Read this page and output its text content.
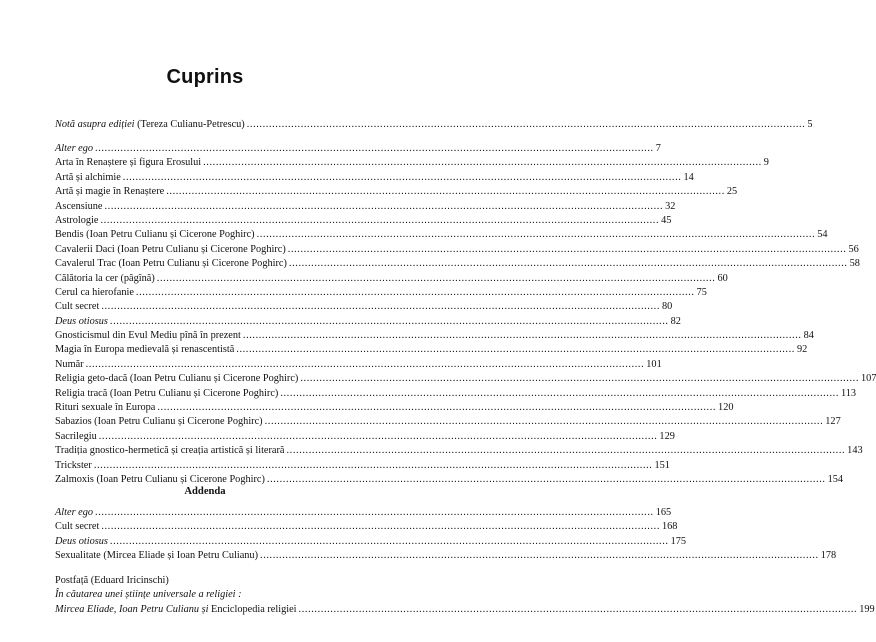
Cuprins
Notă asupra ediției (Tereza Culianu-Petrescu) .....	5
Alter ego .....	7
Arta în Renaștere și figura Erosului .....	9
Artă și alchimie .....	14
Artă și magie în Renaștere .....	25
Ascensiune .....	32
Astrologie .....	45
Bendis (Ioan Petru Culianu și Cicerone Poghirc) .....	54
Cavalerii Daci (Ioan Petru Culianu și Cicerone Poghirc) .....	56
Cavalerul Trac (Ioan Petru Culianu și Cicerone Poghirc) .....	58
Călătoria la cer (pâgînă) .....	60
Cerul ca hierofanie .....	75
Cult secret .....	80
Deus otiosus .....	82
Gnosticismul din Evul Mediu pînă în prezent .....	84
Magia în Europa medievală și renascentistă .....	92
Număr .....	101
Religia geto-dacă (Ioan Petru Culianu și Cicerone Poghirc) .....	107
Religia tracă (Ioan Petru Culianu și Cicerone Poghirc) .....	113
Rituri sexuale în Europa .....	120
Sabazios (Ioan Petru Culianu și Cicerone Poghirc) .....	127
Sacrilegiu .....	129
Tradiția gnostico-hermetică și creația artistică și literară .....	143
Trickster .....	151
Zalmoxis (Ioan Petru Culianu și Cicerone Poghirc) .....	154
Addenda
Alter ego .....	165
Cult secret .....	168
Deus otiosus .....	175
Sexualitate (Mircea Eliade și Ioan Petru Culianu) .....	178
Postfață (Eduard Iricinschi)
În căutarea unei științe universale a religiei :
Mircea Eliade, Ioan Petru Culianu și Enciclopedia religiei .....	199
